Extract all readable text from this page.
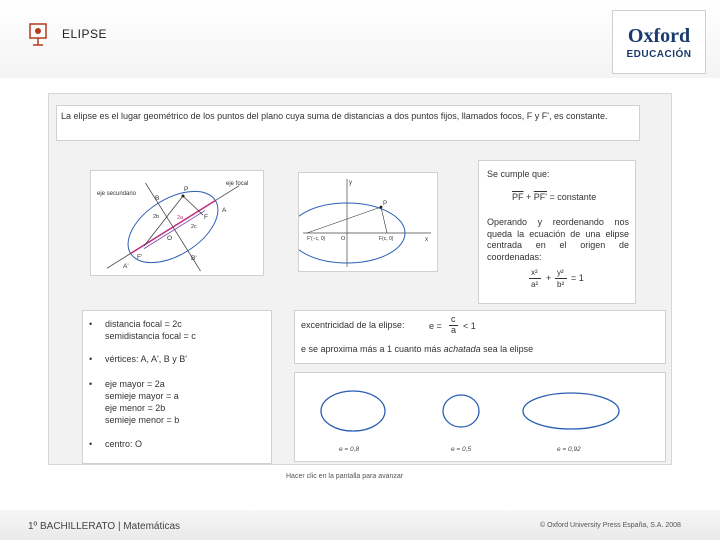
ELIPSE	Oxford
EDUCACIÓN
La elipse es el lugar geométrico de los puntos del plano cuya suma de distancias a dos puntos fijos, llamados focos, F y F', es constante.
eje secundario
eje focal
P
B
A
F
O
F'
A'
B'
2b	2a
2c
y
x
P
F'(−c, 0)	O	F(c, 0)
Se cumple que:
$\overline{PF} + PF'$ = constante
Operando y reordenando nos queda la ecuación de una elipse centrada en el origen de coordenadas:
x²
a²
+
y²
b²
= 1
• distancia focal = 2c
semidistancia focal = c
• vértices: A, A', B y B'
• eje mayor = 2a
semieje mayor = a
eje menor = 2b
semieje menor = b
• centro: O
excentricidad de la elipse:	e =
c
a < 1
e se aproxima más a 1 cuanto más achatada sea la elipse
e = 0,8	e = 0,5	e = 0,92
Hacer clic en la pantalla para avanzar
1º BACHILLERATO | Matemáticas	© Oxford University Press España, S.A. 2008
